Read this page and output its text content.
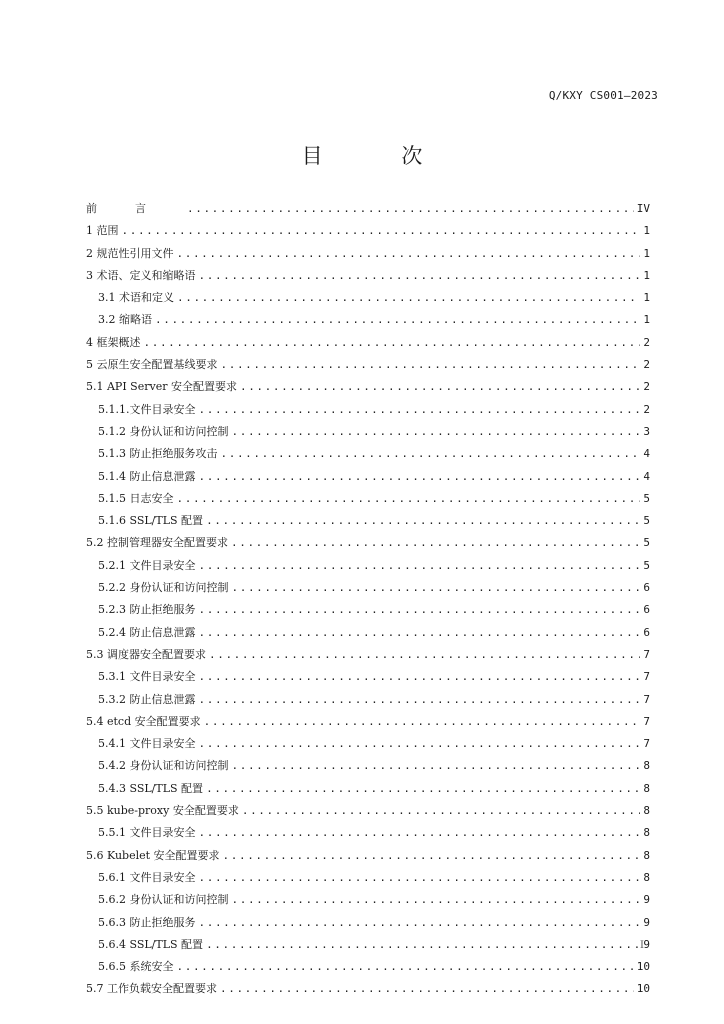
Q/KXY CS001—2023
目 次
前言 .....	IV
1 范围 .....	1
2 规范性引用文件 .....	1
3 术语、定义和缩略语 .....	1
3.1 术语和定义 .....	1
3.2 缩略语 .....	1
4 框架概述 .....	2
5 云原生安全配置基线要求 .....	2
5.1 API Server 安全配置要求 .....	2
5.1.1.文件目录安全 .....	2
5.1.2 身份认证和访问控制 .....	3
5.1.3 防止拒绝服务攻击 .....	4
5.1.4 防止信息泄露 .....	4
5.1.5 日志安全 .....	5
5.1.6 SSL/TLS 配置 .....	5
5.2 控制管理器安全配置要求 .....	5
5.2.1 文件目录安全 .....	5
5.2.2 身份认证和访问控制 .....	6
5.2.3 防止拒绝服务 .....	6
5.2.4 防止信息泄露 .....	6
5.3 调度器安全配置要求 .....	7
5.3.1 文件目录安全 .....	7
5.3.2 防止信息泄露 .....	7
5.4 etcd 安全配置要求 .....	7
5.4.1 文件目录安全 .....	7
5.4.2 身份认证和访问控制 .....	8
5.4.3 SSL/TLS 配置 .....	8
5.5 kube-proxy 安全配置要求 .....	8
5.5.1 文件目录安全 .....	8
5.6 Kubelet 安全配置要求 .....	8
5.6.1 文件目录安全 .....	8
5.6.2 身份认证和访问控制 .....	9
5.6.3 防止拒绝服务 .....	9
5.6.4 SSL/TLS 配置 .....	9
5.6.5 系统安全 .....	10
5.7 工作负载安全配置要求 .....	10
I
